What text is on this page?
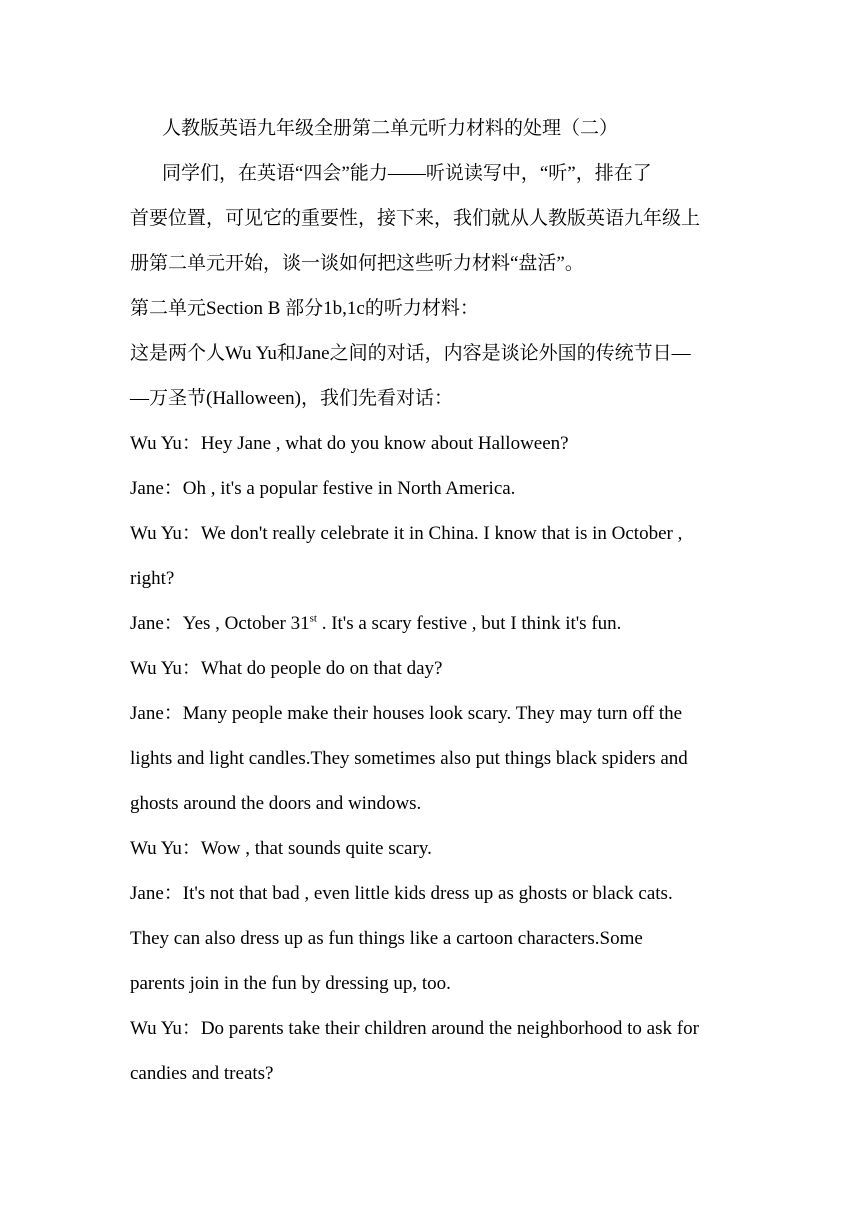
人教版英语九年级全册第二单元听力材料的处理（二）
同学们，在英语“四会”能力——听说读写中，“听”，排在了
首要位置，可见它的重要性，接下来，我们就从人教版英语九年级上
册第二单元开始，谈一谈如何把这些听力材料“盘活”。
第二单元Section B 部分1b,1c的听力材料：
这是两个人Wu Yu和Jane之间的对话，内容是谈论外国的传统节日—
—万圣节(Halloween)，我们先看对话：
Wu Yu：Hey Jane , what do you know about Halloween?
Jane：Oh , it's a popular festive in North America.
Wu Yu：We don't really celebrate it in China. I know that is in October ,
right?
Jane：Yes , October 31st . It's a scary festive , but I think it's fun.
Wu Yu：What do people do on that day?
Jane：Many people make their houses look scary. They may turn off the
lights and light candles.They sometimes also put things black spiders and
ghosts around the doors and windows.
Wu Yu：Wow , that sounds quite scary.
Jane：It's not that bad , even little kids dress up as ghosts or black cats.
They can also dress up as fun things like a cartoon characters.Some
parents join in the fun by dressing up, too.
Wu Yu：Do parents take their children around the neighborhood to ask for
candies and treats?
